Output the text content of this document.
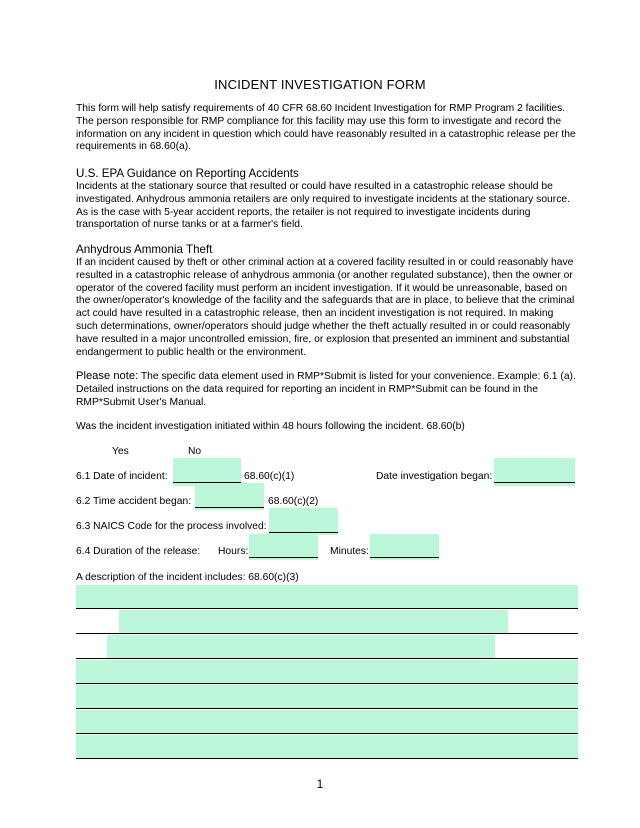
INCIDENT INVESTIGATION FORM
This form will help satisfy requirements of 40 CFR 68.60 Incident Investigation for RMP Program 2 facilities. The person responsible for RMP compliance for this facility may use this form to investigate and record the information on any incident in question which could have reasonably resulted in a catastrophic release per the requirements in 68.60(a).
U.S. EPA Guidance on Reporting Accidents
Incidents at the stationary source that resulted or could have resulted in a catastrophic release should be investigated. Anhydrous ammonia retailers are only required to investigate incidents at the stationary source. As is the case with 5-year accident reports, the retailer is not required to investigate incidents during transportation of nurse tanks or at a farmer's field.
Anhydrous Ammonia Theft
If an incident caused by theft or other criminal action at a covered facility resulted in or could reasonably have resulted in a catastrophic release of anhydrous ammonia (or another regulated substance), then the owner or operator of the covered facility must perform an incident investigation. If it would be unreasonable, based on the owner/operator's knowledge of the facility and the safeguards that are in place, to believe that the criminal act could have resulted in a catastrophic release, then an incident investigation is not required. In making such determinations, owner/operators should judge whether the theft actually resulted in or could reasonably have resulted in a major uncontrolled emission, fire, or explosion that presented an imminent and substantial endangerment to public health or the environment.
Please note: The specific data element used in RMP*Submit is listed for your convenience. Example: 6.1 (a). Detailed instructions on the data required for reporting an incident in RMP*Submit can be found in the RMP*Submit User's Manual.
Was the incident investigation initiated within 48 hours following the incident. 68.60(b)
Yes	No
6.1 Date of incident:	68.60(c)(1)	Date investigation began:
6.2 Time accident began:	68.60(c)(2)
6.3 NAICS Code for the process involved:
6.4 Duration of the release: Hours:	Minutes:
A description of the incident includes: 68.60(c)(3)
1
